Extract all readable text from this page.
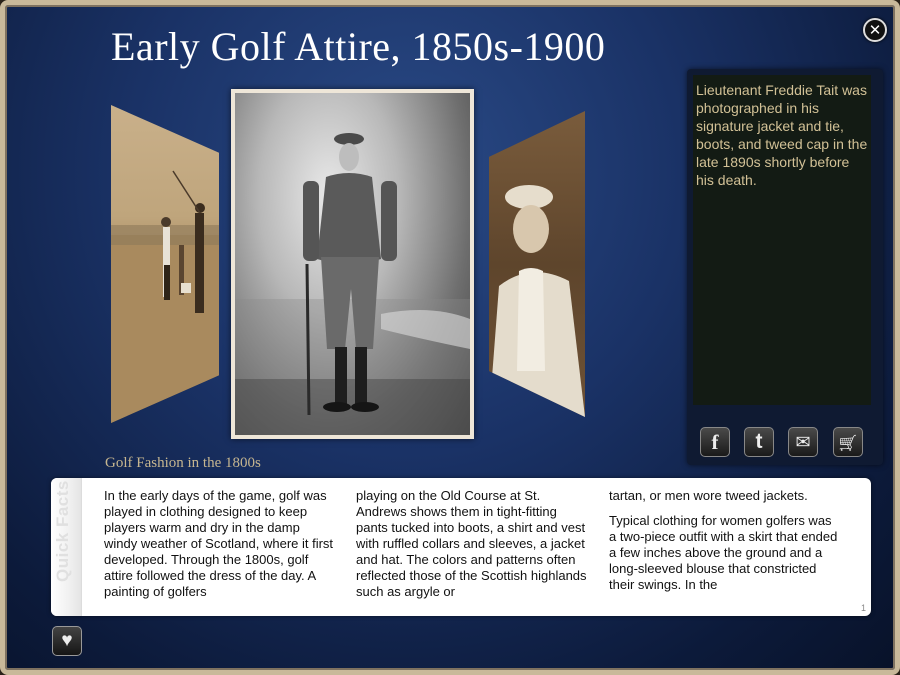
Early Golf Attire, 1850s-1900	✕
Lieutenant Freddie Tait was photographed in his signature jacket and tie, boots, and tweed cap in the late 1890s shortly before his death.
f	t	✉	🛒
Golf Fashion in the 1800s
Quick Facts In the early days of the game, golf was played in clothing designed to keep players warm and dry in the damp windy weather of Scotland, where it first developed. Through the 1800s, golf attire followed the dress of the day. A painting of golfers

playing on the Old Course at St. Andrews shows them in tight-fitting pants tucked into boots, a shirt and vest with ruffled collars and sleeves, a jacket and hat. The colors and patterns often reflected those of the Scottish highlands such as argyle or

tartan, or men wore tweed jackets.

Typical clothing for women golfers was a two-piece outfit with a skirt that ended a few inches above the ground and a long-sleeved blouse that constricted their swings. In the

1
♥
